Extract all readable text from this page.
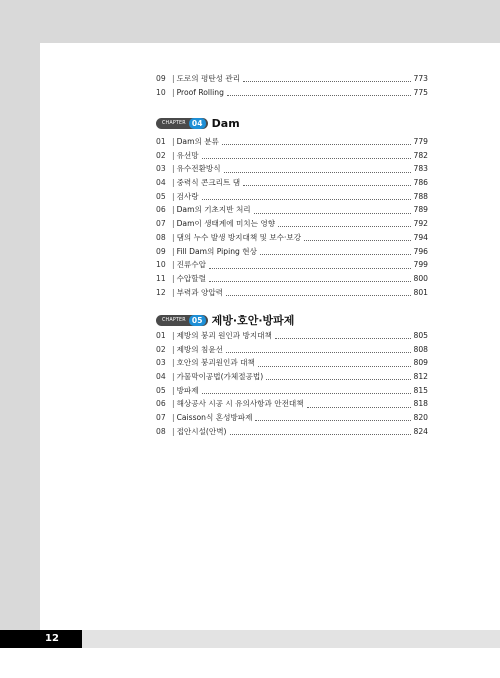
09 | 도로의 평탄성 관리	773
10 | Proof Rolling	775
CHAPTER 04 Dam
01 | Dam의 분류	779
02 | 유선망	782
03 | 유수전환방식	783
04 | 중력식 콘크리트 댐	786
05 | 검사랑	788
06 | Dam의 기초지반 처리	789
07 | Dam이 생태계에 미치는 영향	792
08 | 댐의 누수 발생 방지대책 및 보수·보강	794
09 | Fill Dam의 Piping 현상	796
10 | 진류수압	799
11 | 수압할렬	800
12 | 부력과 양압력	801
CHAPTER 05 제방·호안·방파제
01 | 제방의 붕괴 원인과 방지대책	805
02 | 제방의 침윤선	808
03 | 호안의 붕괴원인과 대책	809
04 | 가물막이공법(가체절공법)	812
05 | 방파제	815
06 | 해상공사 시공 시 유의사항과 안전대책	818
07 | Caisson식 혼성방파제	820
08 | 접안시설(안벽)	824
12
